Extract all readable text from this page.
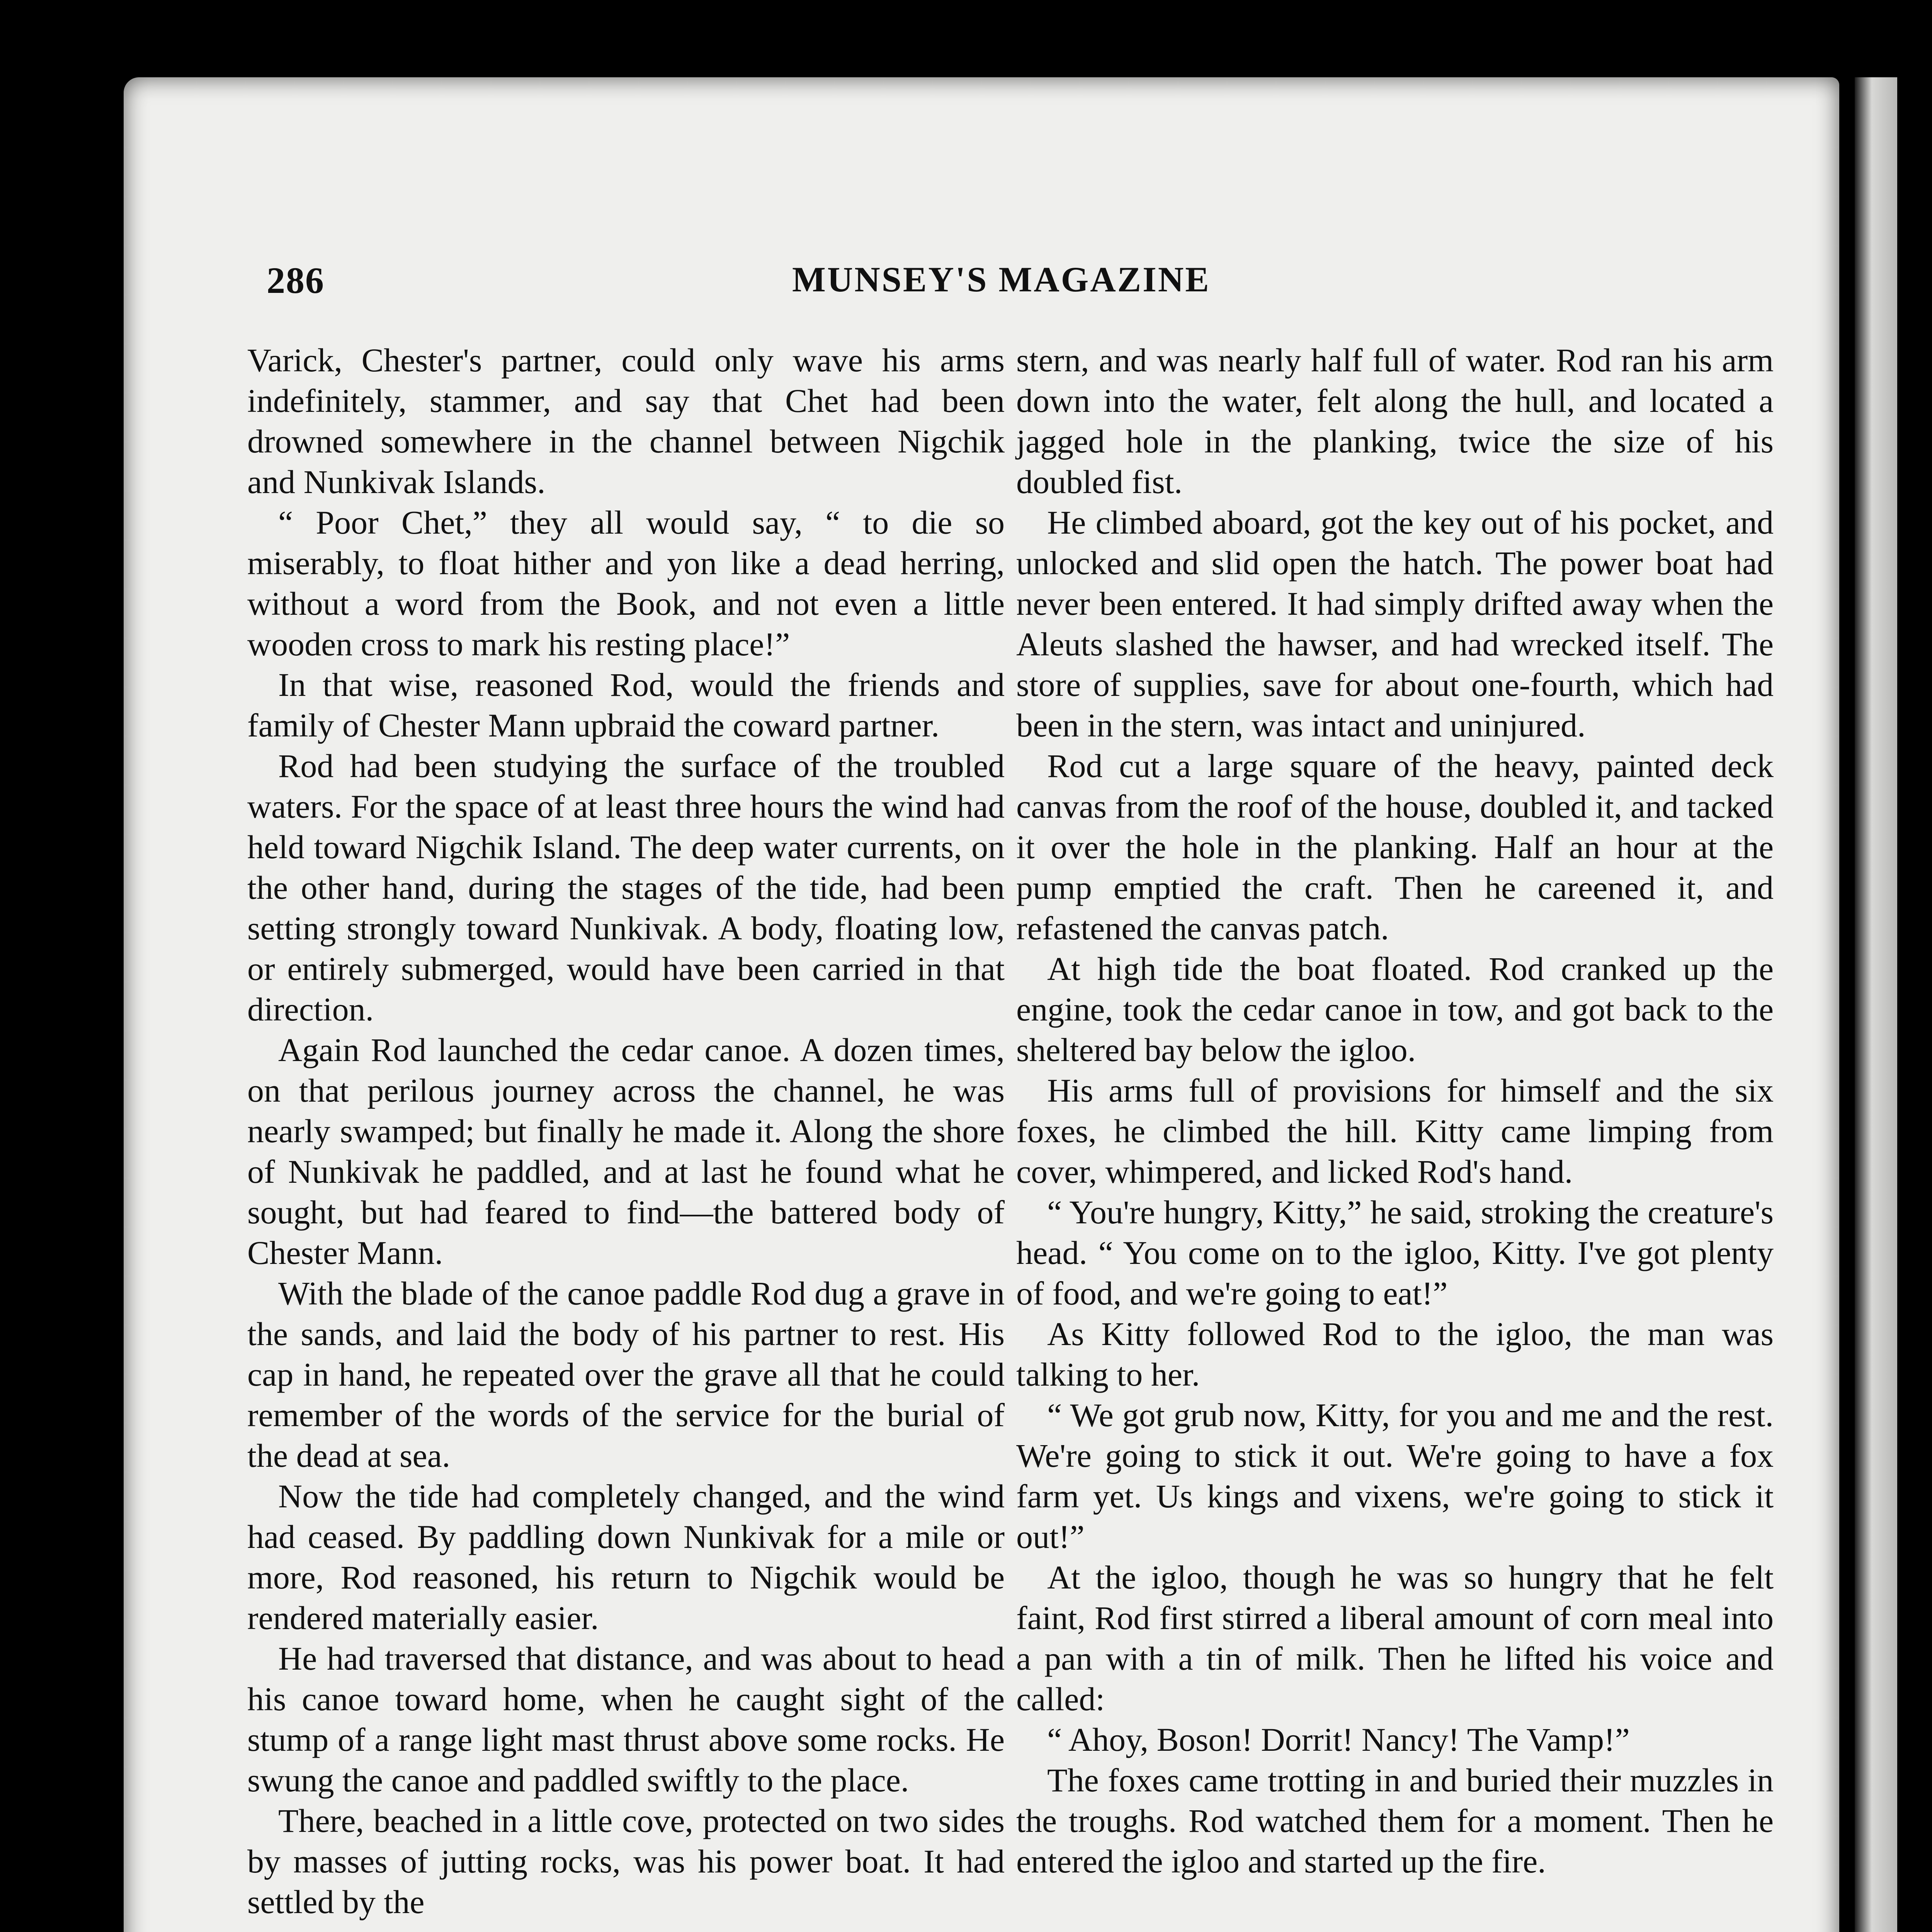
286	MUNSEY'S MAGAZINE

Varick, Chester's partner, could only wave his arms indefinitely, stammer, and say that Chet had been drowned somewhere in the channel between Nigchik and Nunkivak Islands.

“ Poor Chet,” they all would say, “ to die so miserably, to float hither and yon like a dead herring, without a word from the Book, and not even a little wooden cross to mark his resting place!”

In that wise, reasoned Rod, would the friends and family of Chester Mann upbraid the coward partner.

Rod had been studying the surface of the troubled waters. For the space of at least three hours the wind had held toward Nigchik Island. The deep water currents, on the other hand, during the stages of the tide, had been setting strongly toward Nunkivak. A body, floating low, or entirely submerged, would have been carried in that direction.

Again Rod launched the cedar canoe. A dozen times, on that perilous journey across the channel, he was nearly swamped; but finally he made it. Along the shore of Nunkivak he paddled, and at last he found what he sought, but had feared to find—the battered body of Chester Mann.

With the blade of the canoe paddle Rod dug a grave in the sands, and laid the body of his partner to rest. His cap in hand, he repeated over the grave all that he could remember of the words of the service for the burial of the dead at sea.

Now the tide had completely changed, and the wind had ceased. By paddling down Nunkivak for a mile or more, Rod reasoned, his return to Nigchik would be rendered materially easier.

He had traversed that distance, and was about to head his canoe toward home, when he caught sight of the stump of a range light mast thrust above some rocks. He swung the canoe and paddled swiftly to the place.

There, beached in a little cove, protected on two sides by masses of jutting rocks, was his power boat. It had settled by the

stern, and was nearly half full of water. Rod ran his arm down into the water, felt along the hull, and located a jagged hole in the planking, twice the size of his doubled fist.

He climbed aboard, got the key out of his pocket, and unlocked and slid open the hatch. The power boat had never been entered. It had simply drifted away when the Aleuts slashed the hawser, and had wrecked itself. The store of supplies, save for about one-fourth, which had been in the stern, was intact and uninjured.

Rod cut a large square of the heavy, painted deck canvas from the roof of the house, doubled it, and tacked it over the hole in the planking. Half an hour at the pump emptied the craft. Then he careened it, and refastened the canvas patch.

At high tide the boat floated. Rod cranked up the engine, took the cedar canoe in tow, and got back to the sheltered bay below the igloo.

His arms full of provisions for himself and the six foxes, he climbed the hill. Kitty came limping from cover, whimpered, and licked Rod's hand.

“ You're hungry, Kitty,” he said, stroking the creature's head. “ You come on to the igloo, Kitty. I've got plenty of food, and we're going to eat!”

As Kitty followed Rod to the igloo, the man was talking to her.

“ We got grub now, Kitty, for you and me and the rest. We're going to stick it out. We're going to have a fox farm yet. Us kings and vixens, we're going to stick it out!”

At the igloo, though he was so hungry that he felt faint, Rod first stirred a liberal amount of corn meal into a pan with a tin of milk. Then he lifted his voice and called:

“ Ahoy, Boson! Dorrit! Nancy! The Vamp!”

The foxes came trotting in and buried their muzzles in the troughs. Rod watched them for a moment. Then he entered the igloo and started up the fire.
